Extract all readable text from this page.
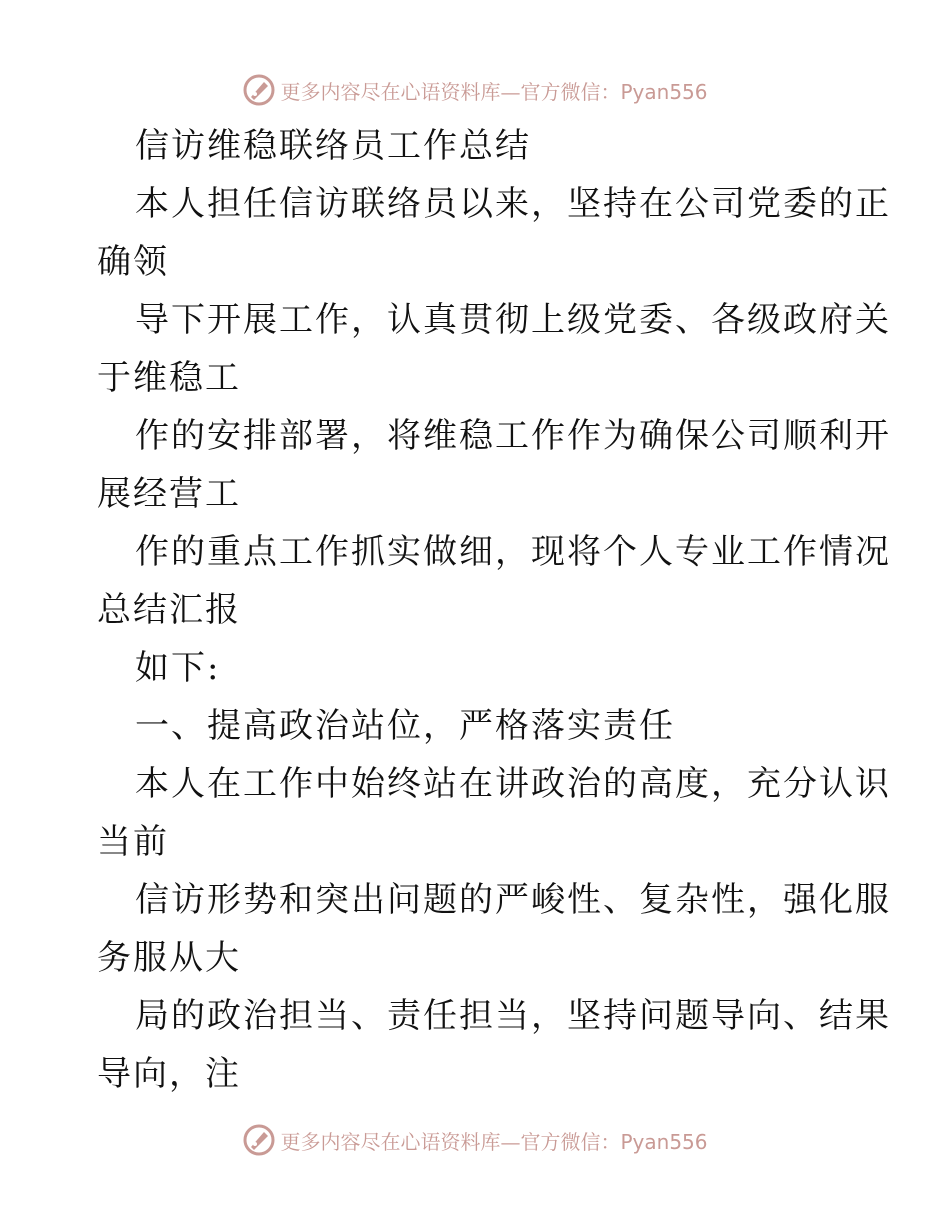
更多内容尽在心语资料库—官方微信：Pyan556
信访维稳联络员工作总结
本人担任信访联络员以来，坚持在公司党委的正
确领
导下开展工作，认真贯彻上级党委、各级政府关
于维稳工
作的安排部署，将维稳工作作为确保公司顺利开
展经营工
作的重点工作抓实做细，现将个人专业工作情况
总结汇报
如下:
一、提高政治站位，严格落实责任
本人在工作中始终站在讲政治的高度，充分认识
当前
信访形势和突出问题的严峻性、复杂性，强化服
务服从大
局的政治担当、责任担当，坚持问题导向、结果
导向，注
更多内容尽在心语资料库—官方微信：Pyan556
